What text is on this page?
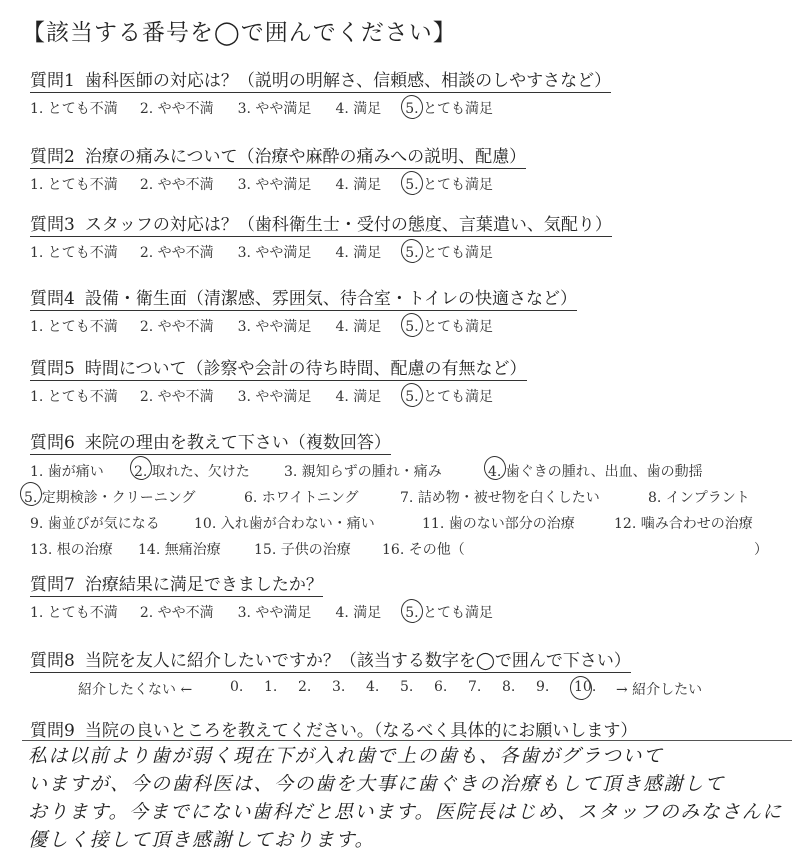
【該当する番号を◯で囲んでください】
質問1 歯科医師の対応は？（説明の明解さ、信頼感、相談のしやすさなど）
1. とても不満 2. やや不満 3. やや満足 4. 満足 5. とても満足
質問2 治療の痛みについて（治療や麻酔の痛みへの説明、配慮）
1. とても不満 2. やや不満 3. やや満足 4. 満足 5. とても満足
質問3 スタッフの対応は？（歯科衛生士・受付の態度、言葉遣い、気配り）
1. とても不満 2. やや不満 3. やや満足 4. 満足 5. とても満足
質問4 設備・衛生面（清潔感、雰囲気、待合室・トイレの快適さなど）
1. とても不満 2. やや不満 3. やや満足 4. 満足 5. とても満足
質問5 時間について（診察や会計の待ち時間、配慮の有無など）
1. とても不満 2. やや不満 3. やや満足 4. 満足 5. とても満足
質問6 来院の理由を教えて下さい（複数回答）
1. 歯が痛い 2. 取れた、欠けた 3. 親知らずの腫れ・痛み	4. 歯ぐきの腫れ、出血、歯の動揺
5. 定期検診・クリーニング	6. ホワイトニング	7. 詰め物・被せ物を白くしたい	8. インプラント
9. 歯並びが気になる 10. 入れ歯が合わない・痛い	11. 歯のない部分の治療	12. 噛み合わせの治療
13. 根の治療 14. 無痛治療 15. 子供の治療 16. その他（	）
質問7 治療結果に満足できましたか？
1. とても不満 2. やや不満 3. やや満足 4. 満足 5. とても満足
質問8 当院を友人に紹介したいですか？（該当する数字を◯で囲んで下さい）
紹介したくない ←	0. 1. 2. 3. 4. 5. 6. 7. 8. 9. 10. → 紹介したい
質問9 当院の良いところを教えてください。（なるべく具体的にお願いします）
私は以前より歯が弱く現在下が入れ歯で上の歯も、各歯がグラついて
いますが、今の歯科医は、今の歯を大事に歯ぐきの治療もして頂き感謝して
おります。今までにない歯科だと思います。医院長はじめ、スタッフのみなさんに
優しく接して頂き感謝しております。
